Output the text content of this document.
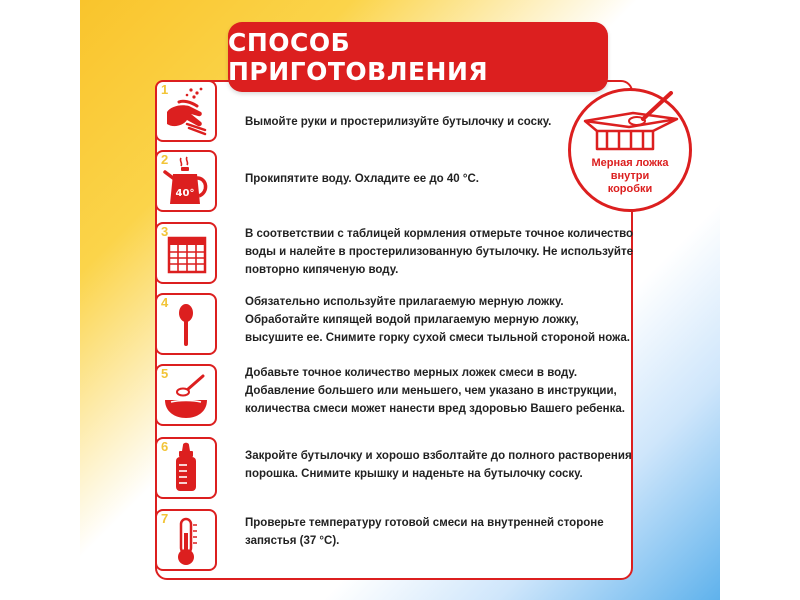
СПОСОБ ПРИГОТОВЛЕНИЯ
Мерная ложка
внутри
коробки
1
Вымойте руки и простерилизуйте бутылочку и соску.
2
40°
Прокипятите воду. Охладите ее до 40 °C.
3	В соответствии с таблицей кормления отмерьте точное количество
воды и налейте в простерилизованную бутылочку. Не используйте
повторно кипяченую воду.
4	Обязательно используйте прилагаемую мерную ложку.
Обработайте кипящей водой прилагаемую мерную ложку,
высушите ее. Снимите горку сухой смеси тыльной стороной ножа.
5	Добавьте точное количество мерных ложек смеси в воду.
Добавление большего или меньшего, чем указано в инструкции,
количества смеси может нанести вред здоровью Вашего ребенка.
6
Закройте бутылочку и хорошо взболтайте до полного растворения
порошка. Снимите крышку и наденьте на бутылочку соску.
7	Проверьте температуру готовой смеси на внутренней стороне
запястья (37 °C).
